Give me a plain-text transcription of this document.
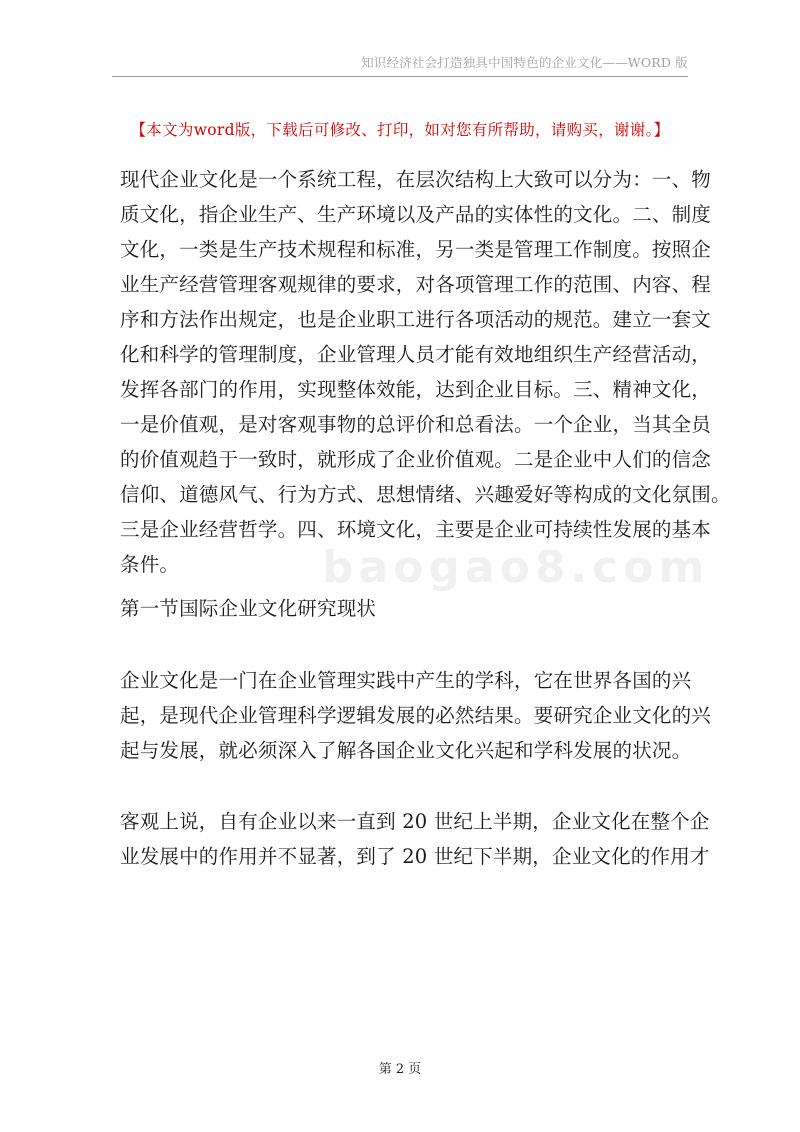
知识经济社会打造独具中国特色的企业文化——WORD 版
【本文为word版，下载后可修改、打印，如对您有所帮助，请购买，谢谢。】
baogao8.com
现代企业文化是一个系统工程，在层次结构上大致可以分为：一、物
质文化，指企业生产、生产环境以及产品的实体性的文化。二、制度
文化，一类是生产技术规程和标准，另一类是管理工作制度。按照企
业生产经营管理客观规律的要求，对各项管理工作的范围、内容、程
序和方法作出规定，也是企业职工进行各项活动的规范。建立一套文
化和科学的管理制度，企业管理人员才能有效地组织生产经营活动，
发挥各部门的作用，实现整体效能，达到企业目标。三、精神文化，
一是价值观，是对客观事物的总评价和总看法。一个企业，当其全员
的价值观趋于一致时，就形成了企业价值观。二是企业中人们的信念
信仰、道德风气、行为方式、思想情绪、兴趣爱好等构成的文化氛围。
三是企业经营哲学。四、环境文化，主要是企业可持续性发展的基本
条件。
第一节国际企业文化研究现状
企业文化是一门在企业管理实践中产生的学科，它在世界各国的兴
起，是现代企业管理科学逻辑发展的必然结果。要研究企业文化的兴
起与发展，就必须深入了解各国企业文化兴起和学科发展的状况。
客观上说，自有企业以来一直到 20 世纪上半期，企业文化在整个企
业发展中的作用并不显著，到了 20 世纪下半期，企业文化的作用才
第 2 页
